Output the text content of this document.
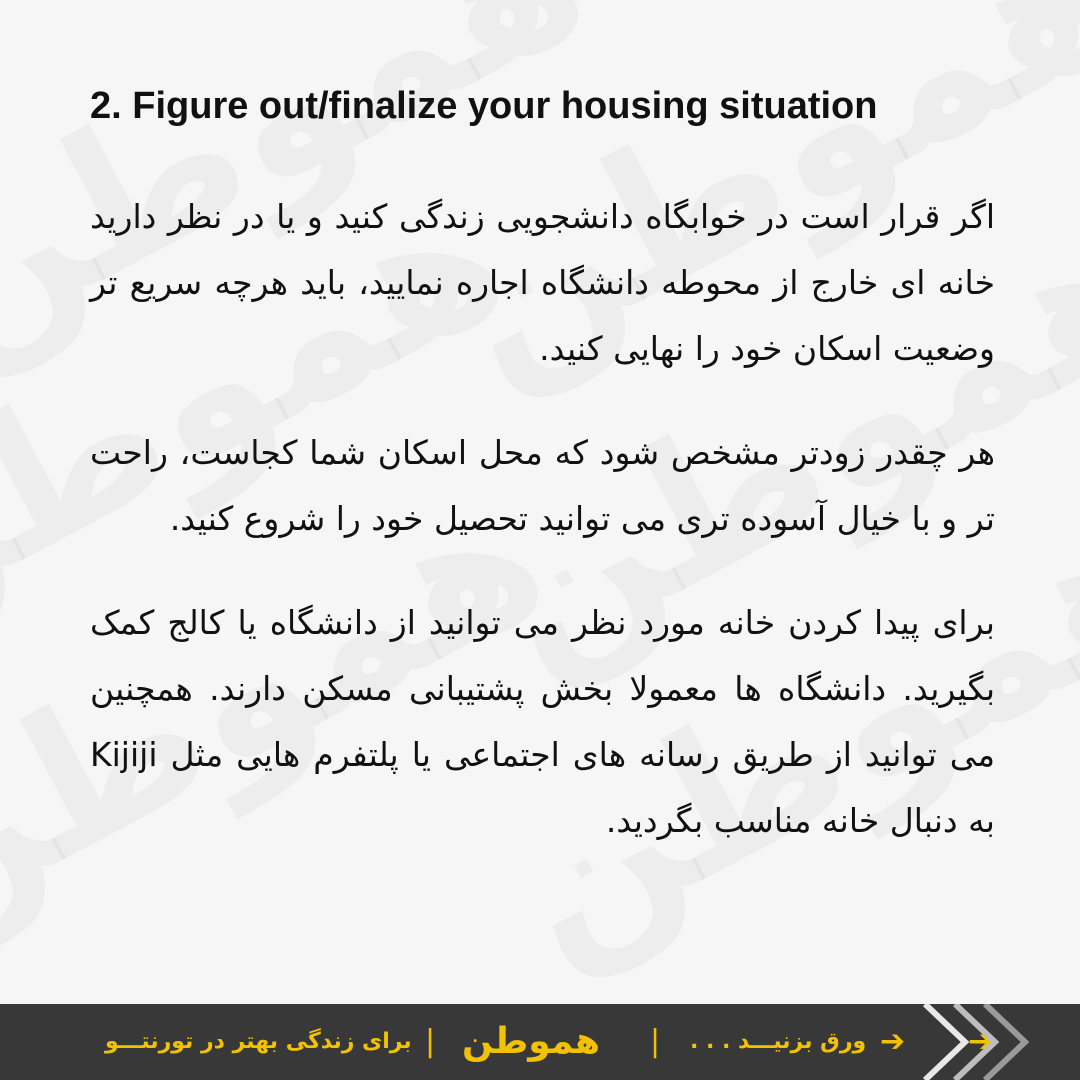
2. Figure out/finalize your housing situation

اگر قرار است در خوابگاه دانشجویی زندگی کنید و یا در نظر دارید خانه ای خارج از محوطه دانشگاه اجاره نمایید، باید هرچه سریع تر وضعیت اسکان خود را نهایی کنید.

هر چقدر زودتر مشخص شود که محل اسکان شما کجاست، راحت تر و با خیال آسوده تری می توانید تحصیل خود را شروع کنید.

برای پیدا کردن خانه مورد نظر می توانید از دانشگاه یا کالج کمک بگیرید. دانشگاه ها معمولا بخش پشتیبانی مسکن دارند. همچنین می توانید از طریق رسانه های اجتماعی یا پلتفرم هایی مثل Kijiji به دنبال خانه مناسب بگردید.

برای زندگی بهتر در تورنتـــو | هموطن |	➔
ورق بزنیـــد . . .	➔
